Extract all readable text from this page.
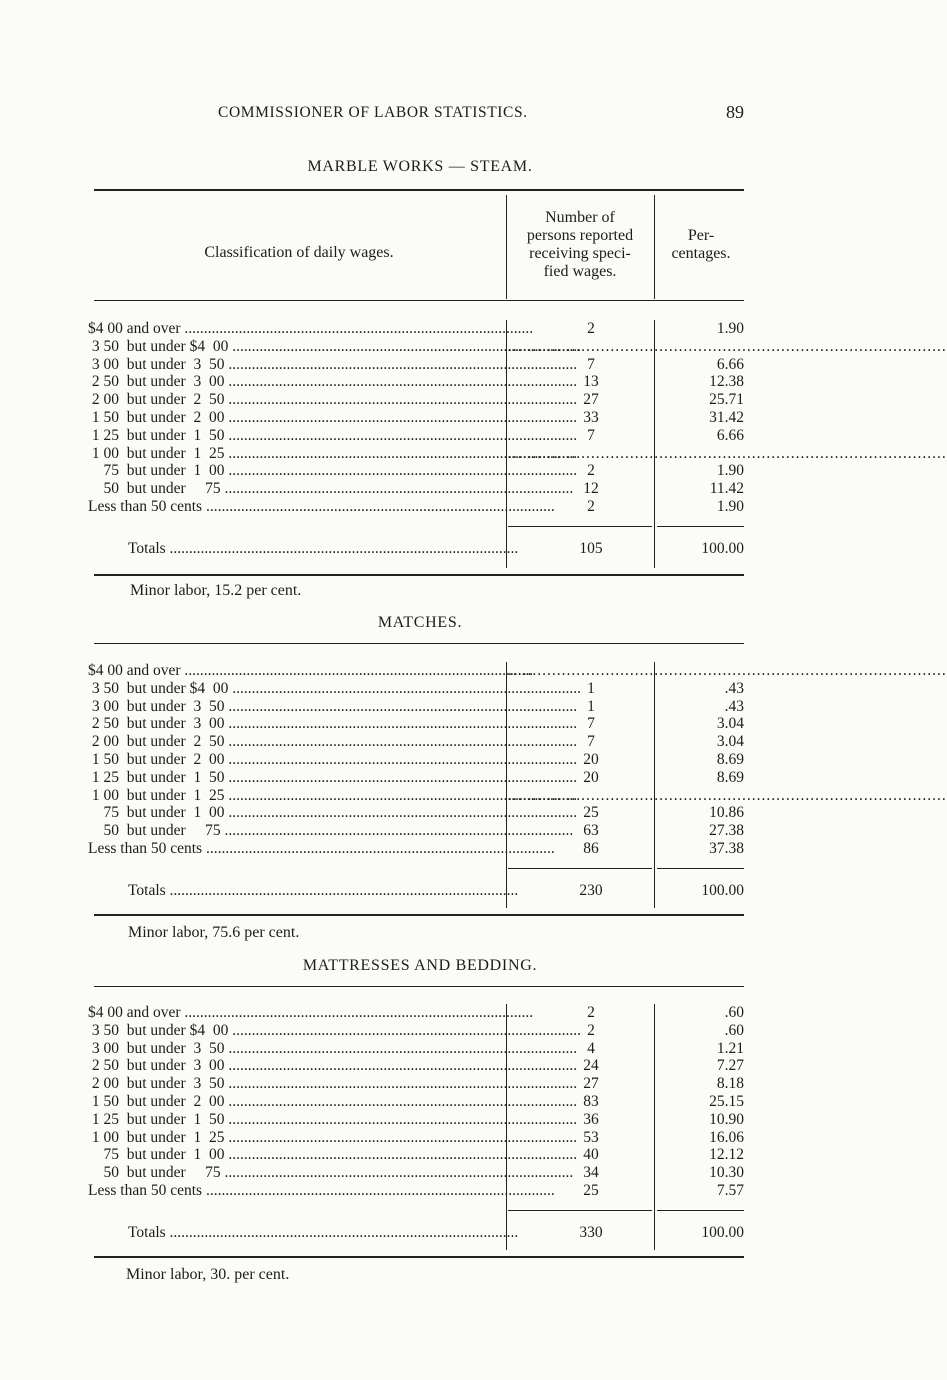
COMMISSIONER OF LABOR STATISTICS.	89
MARBLE WORKS — STEAM.
Classification of daily wages.
Number of
persons reported
receiving speci-
fied wages.
Per-
centages.
$4 00 and over ..........................................................................................	2	1.90
3 50  but under $4  00 ..........................................................................................
..........................................................................................
3 00  but under  3  50 .......................................................................................... 7	6.66
2 50  but under  3  00 .......................................................................................... 13	12.38
2 00  but under  2  50 .......................................................................................... 27	25.71
1 50  but under  2  00 .......................................................................................... 33	31.42
1 25  but under  1  50 .......................................................................................... 7	6.66
1 00  but under  1  25 ..........................................................................................
..........................................................................................
75  but under  1  00 .......................................................................................... 2	1.90
50  but under     75 .......................................................................................... 12	11.42
Less than 50 cents ..........................................................................................	2	1.90
Totals ..........................................................................................	105	100.00
Minor labor, 15.2 per cent.
MATCHES.
$4 00 and over ..........................................................................................
..........................................................................................
3 50  but under $4  00 .......................................................................................... 1	.43
3 00  but under  3  50 .......................................................................................... 1	.43
2 50  but under  3  00 .......................................................................................... 7	3.04
2 00  but under  2  50 .......................................................................................... 7	3.04
1 50  but under  2  00 .......................................................................................... 20	8.69
1 25  but under  1  50 .......................................................................................... 20	8.69
1 00  but under  1  25 ..........................................................................................
..........................................................................................
75  but under  1  00 .......................................................................................... 25	10.86
50  but under     75 .......................................................................................... 63	27.38
Less than 50 cents ..........................................................................................	86	37.38
Totals ..........................................................................................	230	100.00
Minor labor, 75.6 per cent.
MATTRESSES AND BEDDING.
$4 00 and over ..........................................................................................	2	.60
3 50  but under $4  00 .......................................................................................... 2	.60
3 00  but under  3  50 .......................................................................................... 4	1.21
2 50  but under  3  00 .......................................................................................... 24	7.27
2 00  but under  3  50 .......................................................................................... 27	8.18
1 50  but under  2  00 .......................................................................................... 83	25.15
1 25  but under  1  50 .......................................................................................... 36	10.90
1 00  but under  1  25 .......................................................................................... 53	16.06
75  but under  1  00 .......................................................................................... 40	12.12
50  but under     75 .......................................................................................... 34	10.30
Less than 50 cents ..........................................................................................	25	7.57
Totals ..........................................................................................	330	100.00
Minor labor, 30. per cent.
